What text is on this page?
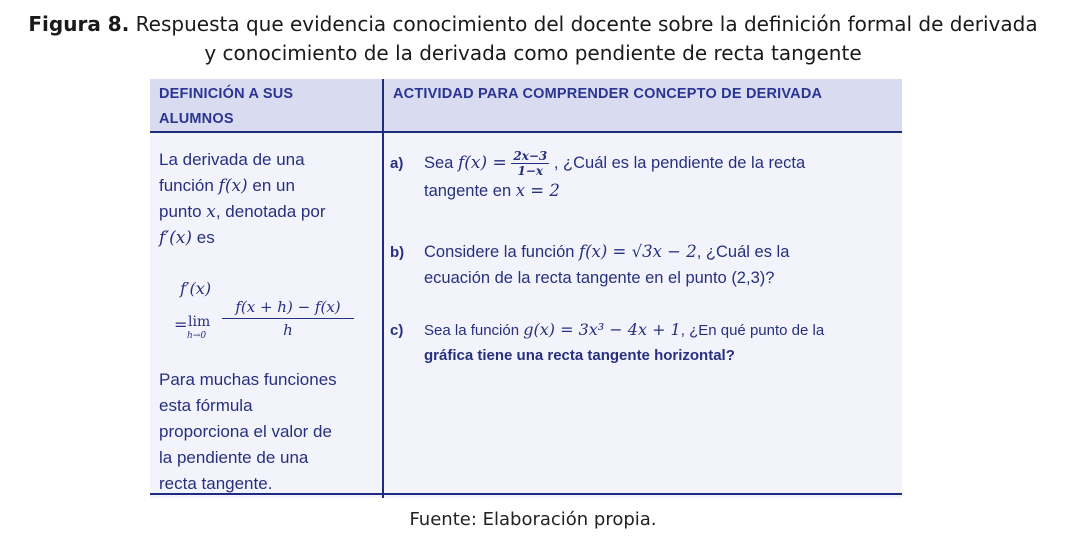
Figura 8. Respuesta que evidencia conocimiento del docente sobre la definición formal de derivada
y conocimiento de la derivada como pendiente de recta tangente
DEFINICIÓN A SUS ALUMNOS
ACTIVIDAD PARA COMPRENDER CONCEPTO DE DERIVADA
La derivada de una
función f(x) en un
punto x, denotada por
f′(x) es
f′(x)
= lim
h→0
f(x + h) − f(x)
h
Para muchas funciones
esta fórmula
proporciona el valor de
la pendiente de una
recta tangente.
a) Sea $f(x) = \frac{2x-3}{1-x}$ , ¿Cuál es la pendiente de la recta
tangente en x = 2
b) Considere la función f(x) = √3x − 2, ¿Cuál es la
ecuación de la recta tangente en el punto (2,3)?
c) Sea la función g(x) = 3x³ − 4x + 1, ¿En qué punto de la
gráfica tiene una recta tangente horizontal?
Fuente: Elaboración propia.
